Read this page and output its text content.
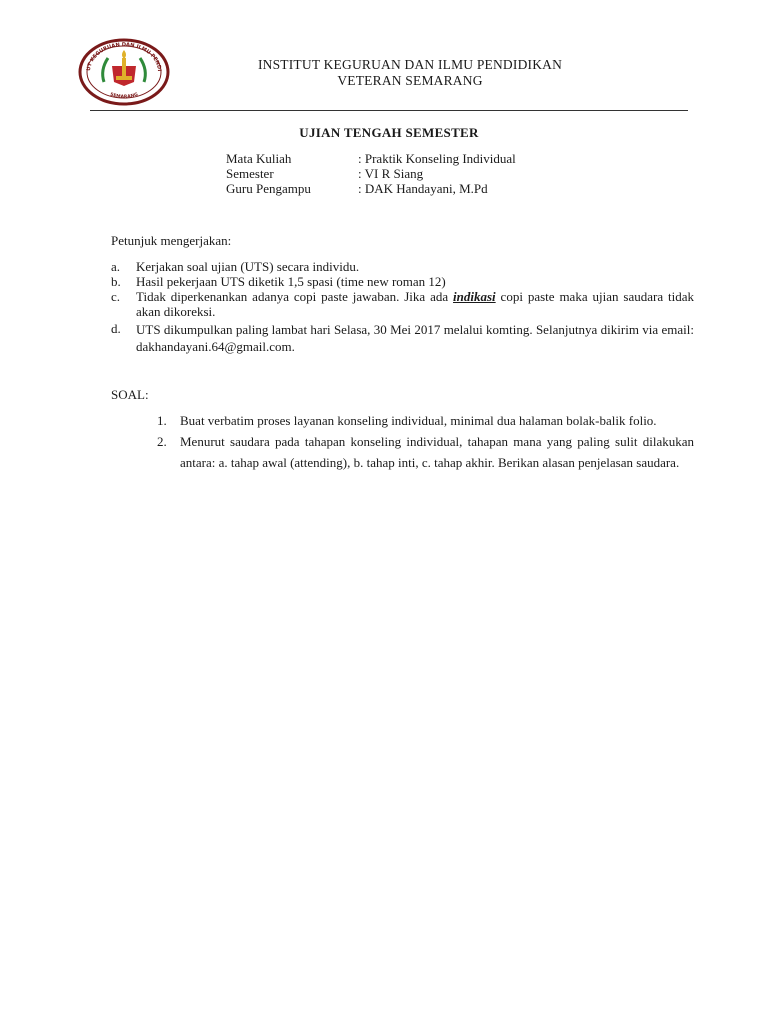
UT KEGURUAN DAN ILMU PENDI
SEMARANG
INSTITUT KEGURUAN DAN ILMU PENDIDIKAN
VETERAN SEMARANG
UJIAN TENGAH SEMESTER
Mata Kuliah	: Praktik Konseling Individual
Semester	: VI R Siang
Guru Pengampu	: DAK Handayani, M.Pd
Petunjuk mengerjakan:
a.	Kerjakan soal ujian (UTS) secara individu.
b.	Hasil pekerjaan UTS diketik 1,5 spasi (time new roman 12)
c.	Tidak diperkenankan adanya copi paste jawaban. Jika ada indikasi copi paste maka ujian saudara tidak akan dikoreksi.
d.	UTS dikumpulkan paling lambat hari Selasa, 30 Mei 2017 melalui komting. Selanjutnya dikirim via email: dakhandayani.64@gmail.com.
SOAL:
1.	Buat verbatim proses layanan konseling individual, minimal dua halaman bolak-balik folio.
2.	Menurut saudara pada tahapan konseling individual, tahapan mana yang paling sulit dilakukan antara: a. tahap awal (attending), b. tahap inti, c. tahap akhir. Berikan alasan penjelasan saudara.
